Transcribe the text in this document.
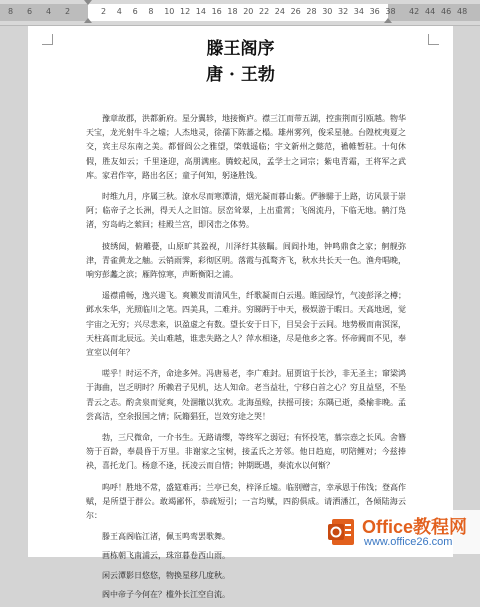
8 6 4 2	2 4 6 8 10 12 14 16 18 20 22 24 26 28 30 32 34 36 38 42 44 46 48
滕王阁序
唐 · 王勃

豫章故郡，洪都新府。星分翼轸，地接衡庐。襟三江而带五湖，控蛮荆而引瓯越。物华天宝，龙光射牛斗之墟；人杰地灵，徐孺下陈蕃之榻。雄州雾列，俊采星驰。台隍枕夷夏之交，宾主尽东南之美。都督阎公之雅望，棨戟遥临；宇文新州之懿范，襜帷暂驻。十旬休假，胜友如云；千里逢迎，高朋满座。腾蛟起凤，孟学士之词宗；紫电青霜，王将军之武库。家君作宰，路出名区；童子何知，躬逢胜饯。

时维九月，序属三秋。潦水尽而寒潭清，烟光凝而暮山紫。俨骖騑于上路，访风景于崇阿；临帝子之长洲，得天人之旧馆。层峦耸翠，上出重霄；飞阁流丹，下临无地。鹤汀凫渚，穷岛屿之萦回；桂殿兰宫，即冈峦之体势。

披绣闼，俯雕甍，山原旷其盈视，川泽纡其骇瞩。闾阎扑地，钟鸣鼎食之家；舸舰弥津，青雀黄龙之舳。云销雨霁，彩彻区明。落霞与孤鹜齐飞，秋水共长天一色。渔舟唱晚，响穷彭蠡之滨；雁阵惊寒，声断衡阳之浦。

遥襟甫畅，逸兴遄飞。爽籁发而清风生，纤歌凝而白云遏。睢园绿竹，气凌彭泽之樽；邺水朱华，光照临川之笔。四美具，二难并。穷睇眄于中天，极娱游于暇日。天高地迥，觉宇宙之无穷；兴尽悲来，识盈虚之有数。望长安于日下，目吴会于云间。地势极而南溟深，天柱高而北辰远。关山难越，谁悲失路之人？萍水相逢，尽是他乡之客。怀帝阍而不见，奉宣室以何年？

嗟乎！时运不齐，命途多舛。冯唐易老，李广难封。屈贾谊于长沙，非无圣主；窜梁鸿于海曲，岂乏明时？所赖君子见机，达人知命。老当益壮，宁移白首之心？穷且益坚，不坠青云之志。酌贪泉而觉爽，处涸辙以犹欢。北海虽赊，扶摇可接；东隅已逝，桑榆非晚。孟尝高洁，空余报国之情；阮籍猖狂，岂效穷途之哭！

勃，三尺微命，一介书生。无路请缨，等终军之弱冠；有怀投笔，慕宗悫之长风。舍簪笏于百龄，奉晨昏于万里。非谢家之宝树，接孟氏之芳邻。他日趋庭，叨陪鲤对；今兹捧袂，喜托龙门。杨意不逢，抚凌云而自惜；钟期既遇，奏流水以何惭？

呜呼！胜地不常，盛筵难再；兰亭已矣，梓泽丘墟。临别赠言，幸承恩于伟饯；登高作赋，是所望于群公。敢竭鄙怀，恭疏短引；一言均赋，四韵俱成。请洒潘江，各倾陆海云尔：

滕王高阁临江渚，佩玉鸣鸾罢歌舞。

画栋朝飞南浦云，珠帘暮卷西山雨。

闲云潭影日悠悠，物换星移几度秋。

阁中帝子今何在？槛外长江空自流。

Office教程网
www.office26.com
